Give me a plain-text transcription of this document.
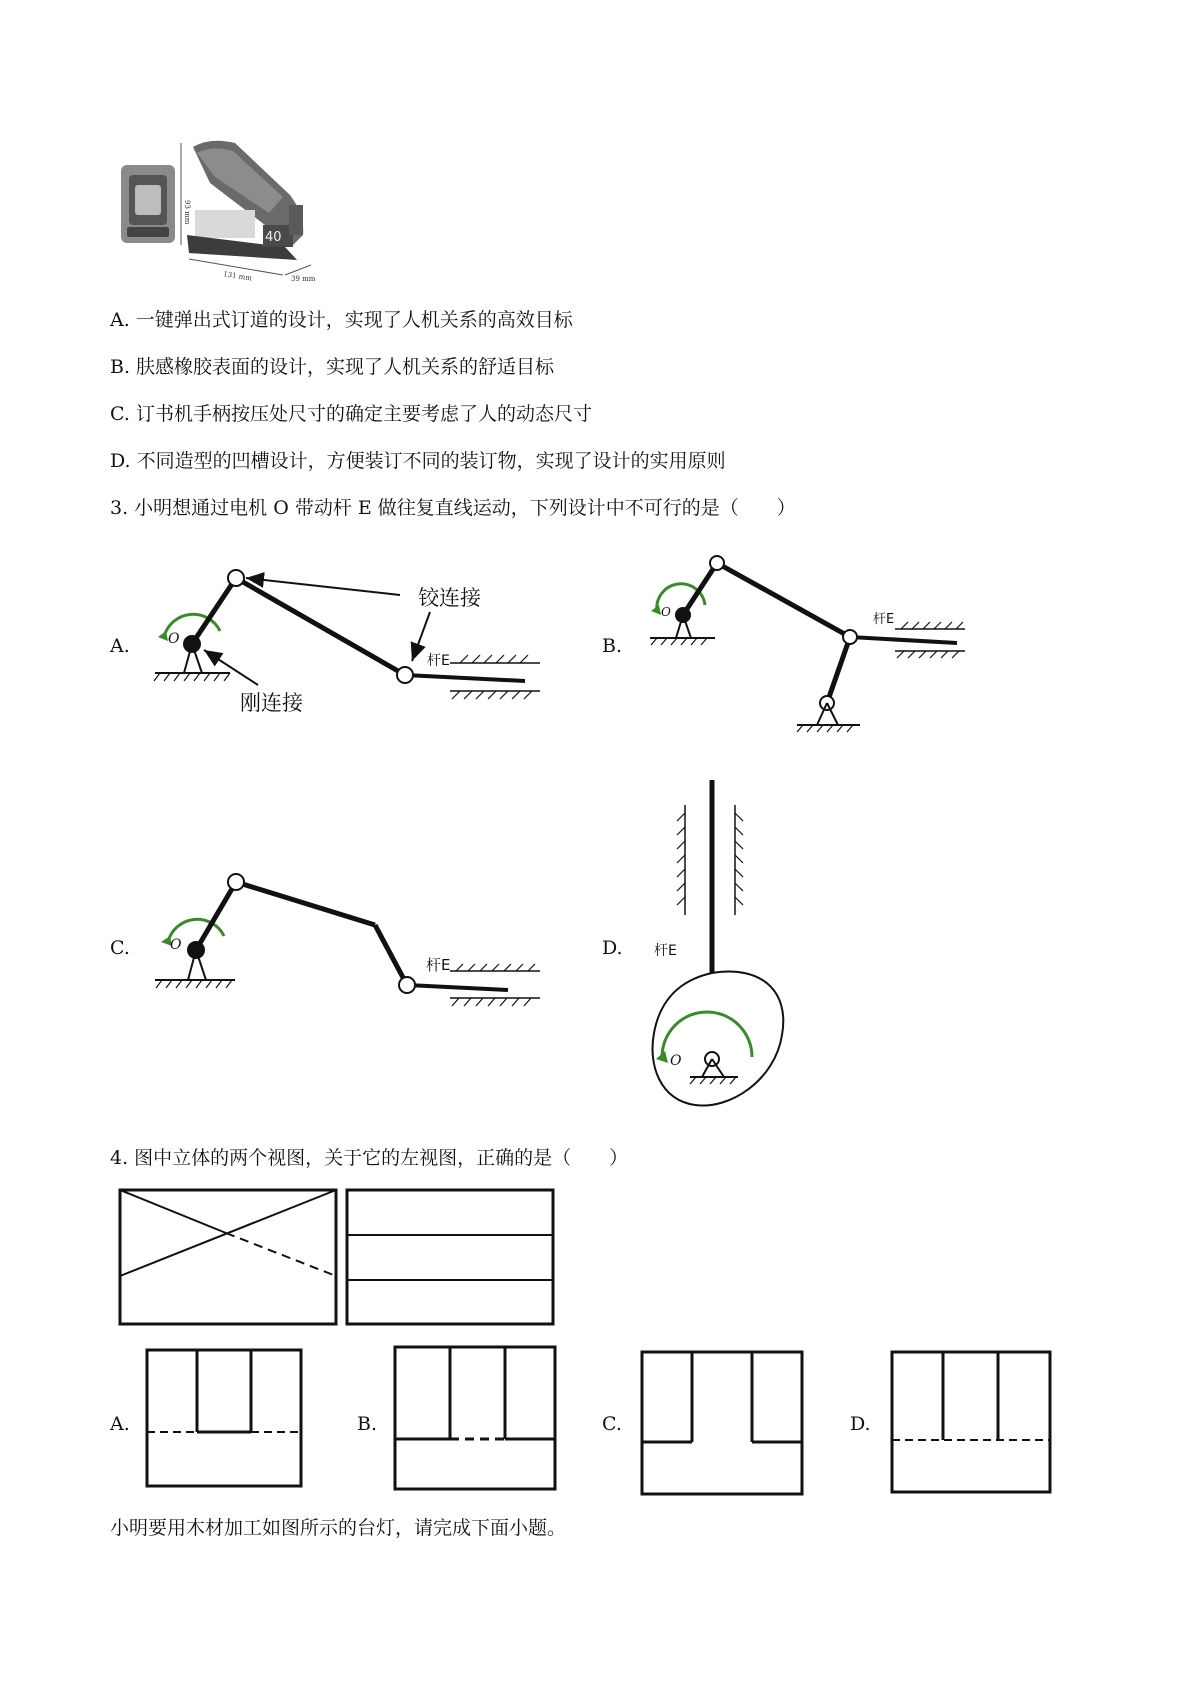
93 mm
40
131 mm	39 mm
A. 一键弹出式订道的设计，实现了人机关系的高效目标
B. 肤感橡胶表面的设计，实现了人机关系的舒适目标
C. 订书机手柄按压处尺寸的确定主要考虑了人的动态尺寸
D. 不同造型的凹槽设计，方便装订不同的装订物，实现了设计的实用原则
3. 小明想通过电机 O 带动杆 E 做往复直线运动，下列设计中不可行的是（　　）
A.	B.
C.	D.
O
杆E
铰连接
刚连接
O	杆E
O
杆E
杆E
O
4. 图中立体的两个视图，关于它的左视图，正确的是（　　）
A.	B.	C.	D.
小明要用木材加工如图所示的台灯，请完成下面小题。
